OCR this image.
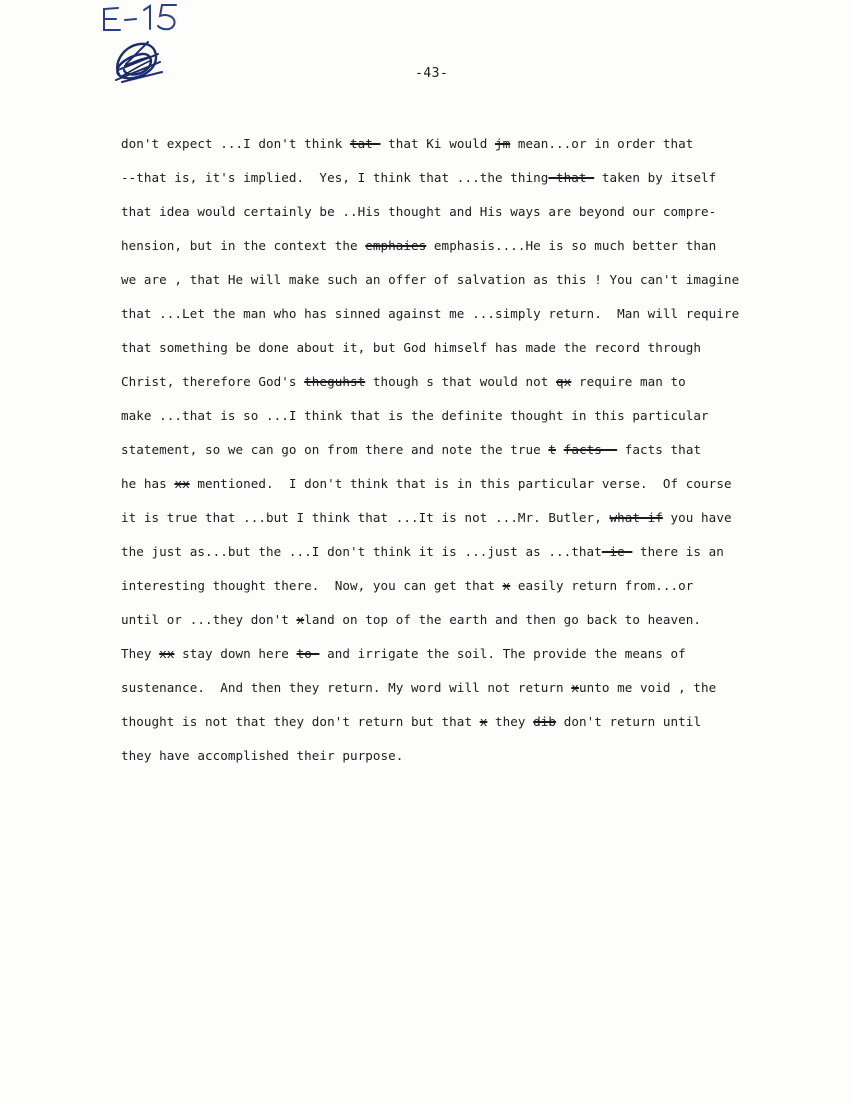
-43-
don't expect ...I don't think tat- that Ki would jm mean...or in order that
--that is, it's implied.  Yes, I think that ...the thing-that- taken by itself
that idea would certainly be ..His thought and His ways are beyond our compre-
hension, but in the context the emphaies emphasis....He is so much better than
we are , that He will make such an offer of salvation as this ! You can't imagine
that ...Let the man who has sinned against me ...simply return.  Man will require
that something be done about it, but God himself has made the record through
Christ, therefore God's theguhst though s that would not qx require man to
make ...that is so ...I think that is the definite thought in this particular
statement, so we can go on from there and note the true t facts-- facts that
he has xx mentioned.  I don't think that is in this particular verse.  Of course
it is true that ...but I think that ...It is not ...Mr. Butler, what if you have
the just as...but the ...I don't think it is ...just as ...that-ie- there is an
interesting thought there.  Now, you can get that x easily return from...or
until or ...they don't xland on top of the earth and then go back to heaven.
They xx stay down here to- and irrigate the soil. The provide the means of
sustenance.  And then they return. My word will not return xunto me void , the
thought is not that they don't return but that x they dib don't return until
they have accomplished their purpose.
